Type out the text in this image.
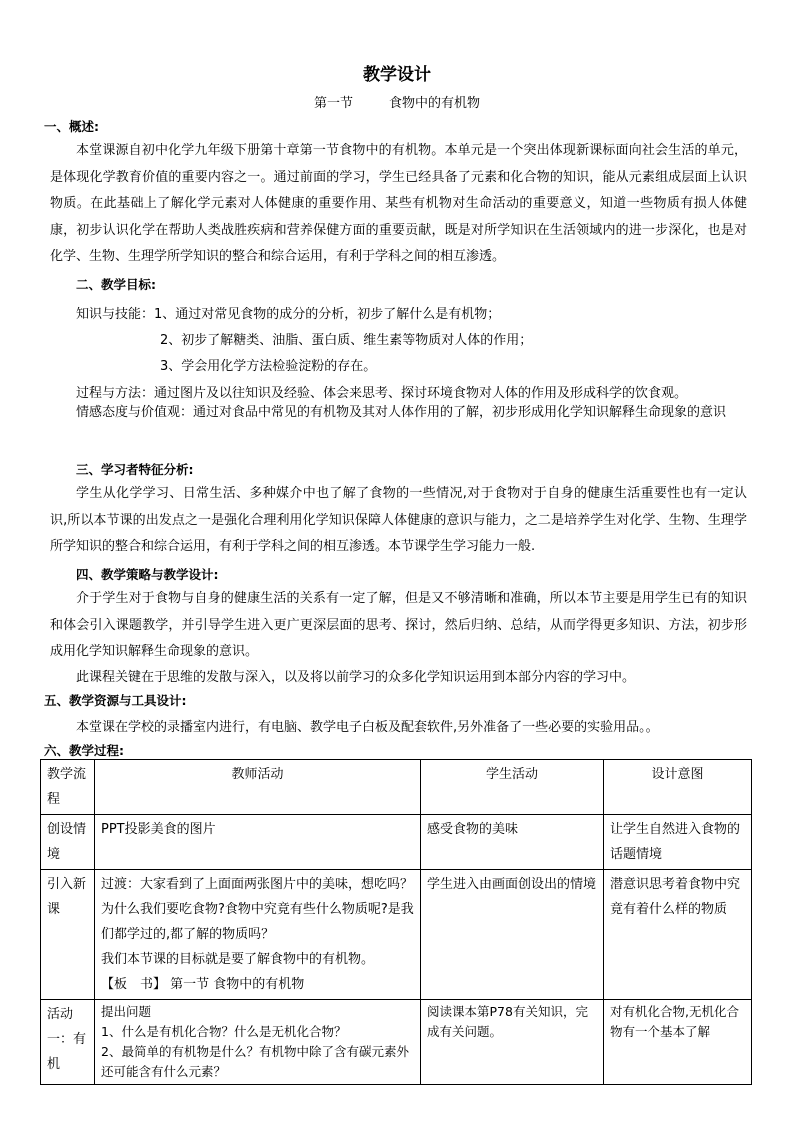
教学设计
第一节	食物中的有机物
一、概述:
本堂课源自初中化学九年级下册第十章第一节食物中的有机物。本单元是一个突出体现新课标面向社会生活的单元，是体现化学教育价值的重要内容之一。通过前面的学习，学生已经具备了元素和化合物的知识，能从元素组成层面上认识物质。在此基础上了解化学元素对人体健康的重要作用、某些有机物对生命活动的重要意义，知道一些物质有损人体健康，初步认识化学在帮助人类战胜疾病和营养保健方面的重要贡献，既是对所学知识在生活领域内的进一步深化，也是对化学、生物、生理学所学知识的整合和综合运用，有利于学科之间的相互渗透。
二、教学目标:
知识与技能：1、通过对常见食物的成分的分析，初步了解什么是有机物；
2、初步了解糖类、油脂、蛋白质、维生素等物质对人体的作用；
3、学会用化学方法检验淀粉的存在。
过程与方法：通过图片及以往知识及经验、体会来思考、探讨环境食物对人体的作用及形成科学的饮食观。
情感态度与价值观：通过对食品中常见的有机物及其对人体作用的了解，初步形成用化学知识解释生命现象的意识
三、学习者特征分析:
学生从化学学习、日常生活、多种媒介中也了解了食物的一些情况,对于食物对于自身的健康生活重要性也有一定认识,所以本节课的出发点之一是强化合理利用化学知识保障人体健康的意识与能力，之二是培养学生对化学、生物、生理学所学知识的整合和综合运用，有利于学科之间的相互渗透。本节课学生学习能力一般.
四、教学策略与教学设计:
介于学生对于食物与自身的健康生活的关系有一定了解，但是又不够清晰和准确，所以本节主要是用学生已有的知识和体会引入课题教学，并引导学生进入更广更深层面的思考、探讨，然后归纳、总结，从而学得更多知识、方法，初步形成用化学知识解释生命现象的意识。
此课程关键在于思维的发散与深入，以及将以前学习的众多化学知识运用到本部分内容的学习中。
五、教学资源与工具设计:
本堂课在学校的录播室内进行，有电脑、教学电子白板及配套软件,另外准备了一些必要的实验用品。。
六、教学过程:
教学流程	教师活动	学生活动	设计意图
创设情境	PPT投影美食的图片	感受食物的美味	让学生自然进入食物的话题情境
引入新课	过渡：大家看到了上面面两张图片中的美味，想吃吗？为什么我们要吃食物?食物中究竟有些什么物质呢?是我们都学过的,都了解的物质吗？
我们本节课的目标就是要了解食物中的有机物。
【板　书】 第一节 食物中的有机物	学生进入由画面创设出的情境	潜意识思考着食物中究竟有着什么样的物质
活动一：有机	提出问题
1、什么是有机化合物？什么是无机化合物？
2、最简单的有机物是什么？有机物中除了含有碳元素外还可能含有什么元素？	阅读课本第P78有关知识，完成有关问题。	对有机化合物,无机化合物有一个基本了解
